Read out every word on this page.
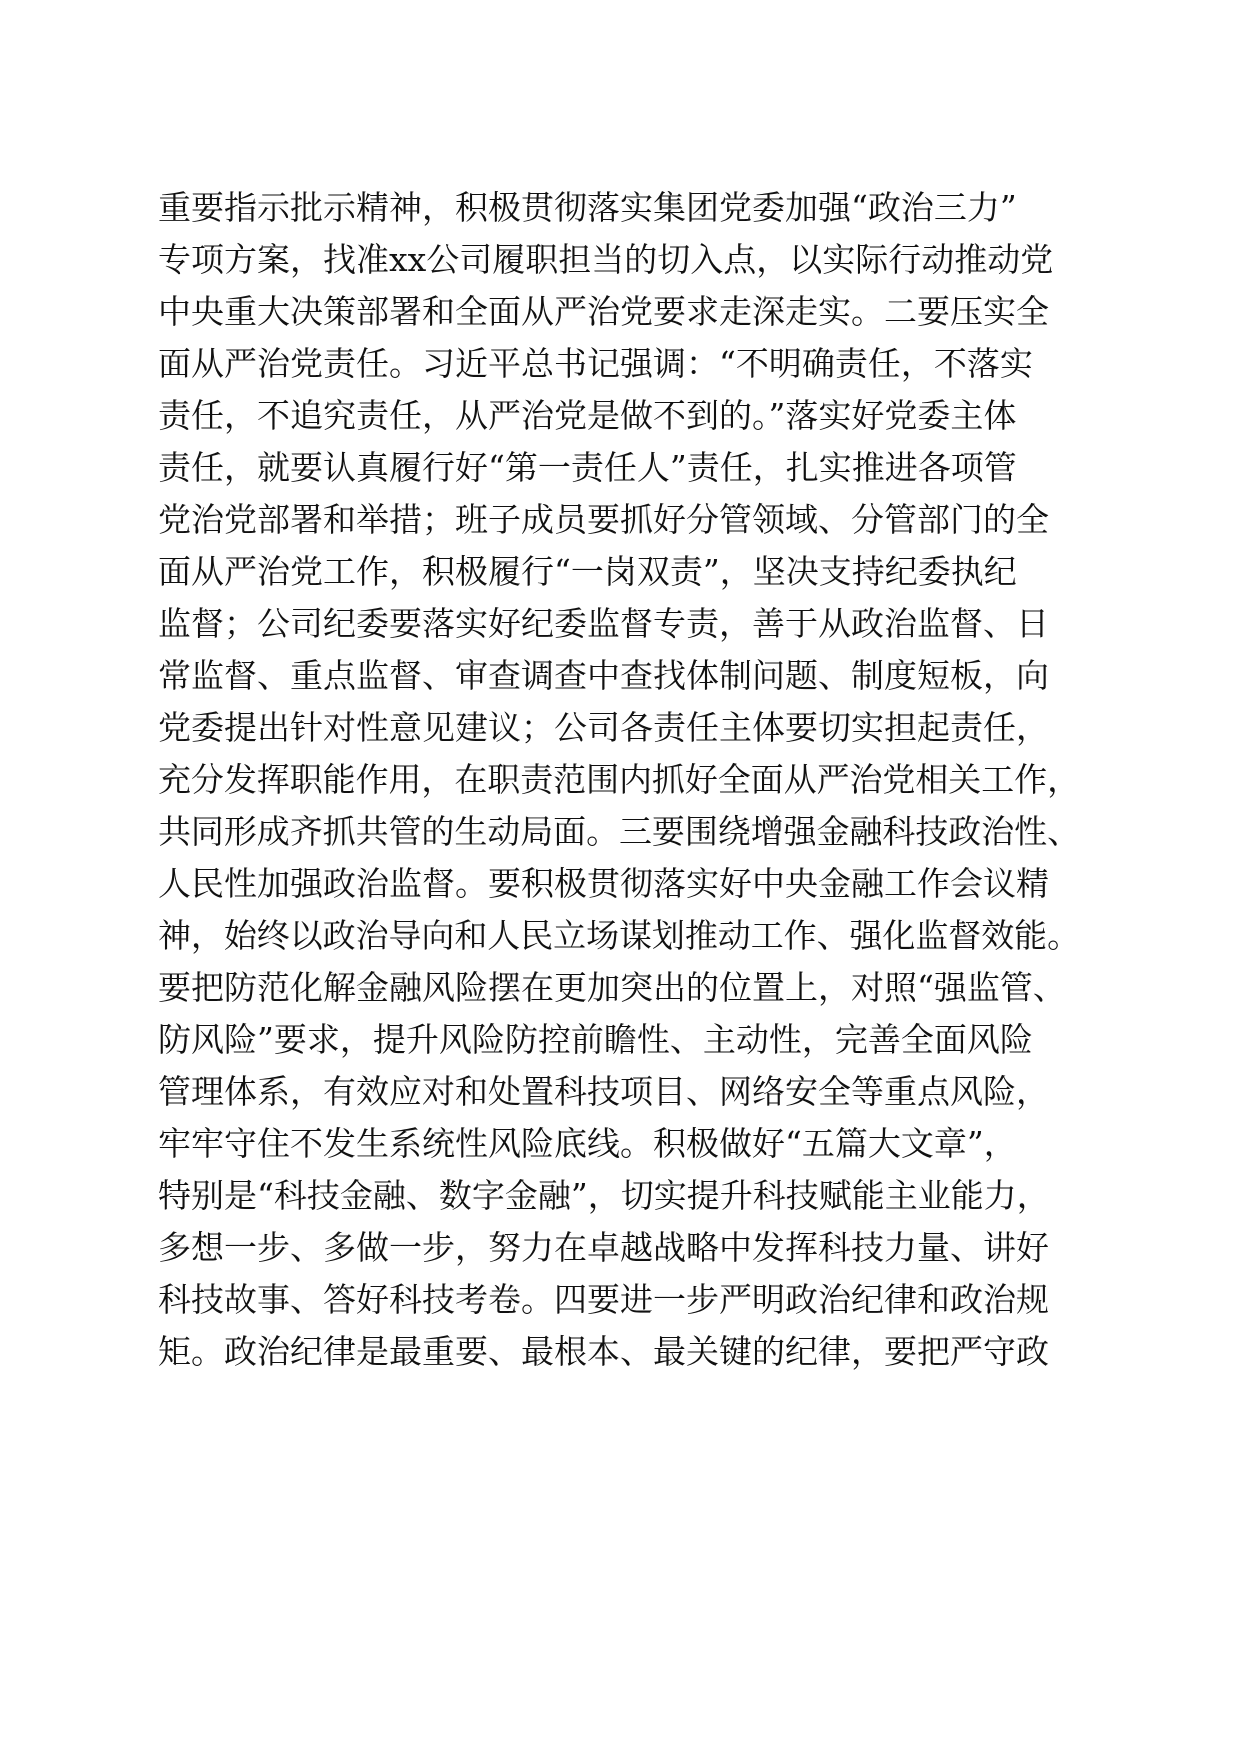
重要指示批示精神，积极贯彻落实集团党委加强“政治三力”
专项方案，找准xx公司履职担当的切入点，以实际行动推动党
中央重大决策部署和全面从严治党要求走深走实。二要压实全
面从严治党责任。习近平总书记强调：“不明确责任，不落实
责任，不追究责任，从严治党是做不到的。”落实好党委主体
责任，就要认真履行好“第一责任人”责任，扎实推进各项管
党治党部署和举措；班子成员要抓好分管领域、分管部门的全
面从严治党工作，积极履行“一岗双责”，坚决支持纪委执纪
监督；公司纪委要落实好纪委监督专责，善于从政治监督、日
常监督、重点监督、审查调查中查找体制问题、制度短板，向
党委提出针对性意见建议；公司各责任主体要切实担起责任，
充分发挥职能作用，在职责范围内抓好全面从严治党相关工作，
共同形成齐抓共管的生动局面。三要围绕增强金融科技政治性、
人民性加强政治监督。要积极贯彻落实好中央金融工作会议精
神，始终以政治导向和人民立场谋划推动工作、强化监督效能。
要把防范化解金融风险摆在更加突出的位置上，对照“强监管、
防风险”要求，提升风险防控前瞻性、主动性，完善全面风险
管理体系，有效应对和处置科技项目、网络安全等重点风险，
牢牢守住不发生系统性风险底线。积极做好“五篇大文章”，
特别是“科技金融、数字金融”，切实提升科技赋能主业能力，
多想一步、多做一步，努力在卓越战略中发挥科技力量、讲好
科技故事、答好科技考卷。四要进一步严明政治纪律和政治规
矩。政治纪律是最重要、最根本、最关键的纪律，要把严守政
